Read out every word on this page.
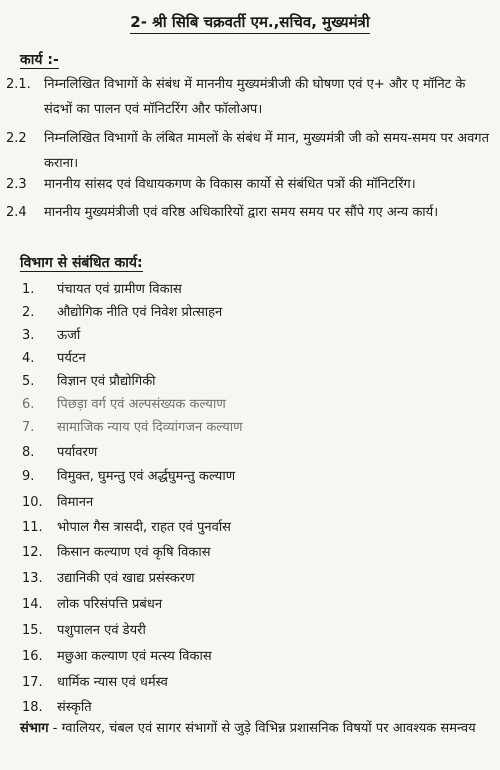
2- श्री सिबि चक्रवर्ती एम.,सचिव, मुख्यमंत्री
कार्य :-
2.1.	निम्नलिखित विभागों के संबंध में माननीय मुख्यमंत्रीजी की घोषणा एवं ए+ और ए मॉनिट के संदभों का पालन एवं मॉनिटरिंग और फॉलोअप।
2.2	निम्नलिखित विभागों के लंबित मामलों के संबंध में मान, मुख्यमंत्री जी को समय-समय पर अवगत कराना।
2.3	माननीय सांसद एवं विधायकगण के विकास कार्यो से संबंधित पत्रों की मॉनिटरिंग।
2.4	माननीय मुख्यमंत्रीजी एवं वरिष्ठ अधिकारियों द्वारा समय समय पर सौंपे गए अन्य कार्य।
विभाग से संबंधित कार्य:
1.	पंचायत एवं ग्रामीण विकास
2.	औद्योगिक नीति एवं निवेश प्रोत्साहन
3.	ऊर्जा
4.	पर्यटन
5.	विज्ञान एवं प्रौद्योगिकी
6.	पिछड़ा वर्ग एवं अल्पसंख्यक कल्याण
7.	सामाजिक न्याय एवं दिव्यांगजन कल्याण
8.	पर्यावरण
9.	विमुक्त, घुमन्तु एवं अर्द्धघुमन्तु कल्याण
10.	विमानन
11.	भोपाल गैस त्रासदी, राहत एवं पुनर्वास
12.	किसान कल्याण एवं कृषि विकास
13.	उद्यानिकी एवं खाद्य प्रसंस्करण
14.	लोक परिसंपत्ति प्रबंधन
15.	पशुपालन एवं डेयरी
16.	मछुआ कल्याण एवं मत्स्य विकास
17.	धार्मिक न्यास एवं धर्मस्व
18.	संस्कृति
संभाग - ग्वालियर, चंबल एवं सागर संभागों से जुड़े विभिन्न प्रशासनिक विषयों पर आवश्यक समन्वय
